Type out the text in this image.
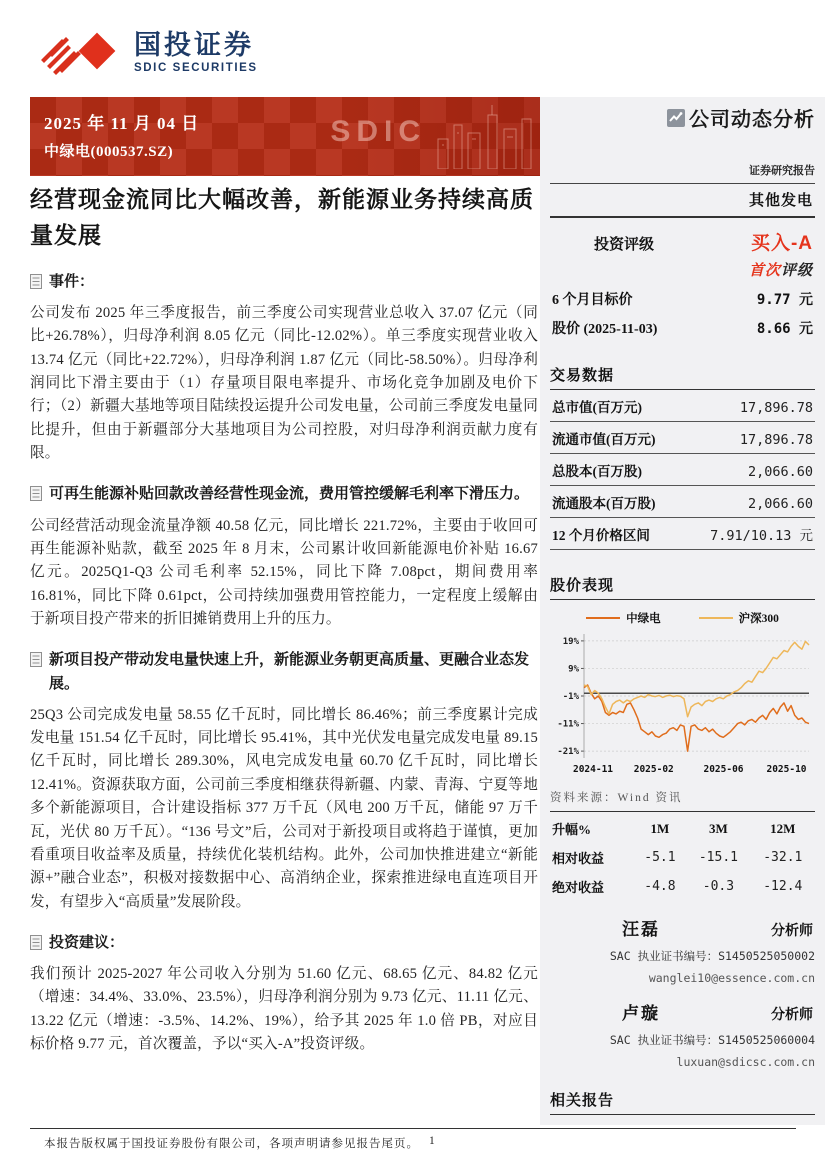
国投证券
SDIC SECURITIES
2025 年 11 月 04 日
中绿电(000537.SZ)
SDIC
经营现金流同比大幅改善，新能源业务持续高质量发展
事件：
公司发布 2025 年三季度报告，前三季度公司实现营业总收入 37.07 亿元（同比+26.78%），归母净利润 8.05 亿元（同比-12.02%）。单三季度实现营业收入 13.74 亿元（同比+22.72%），归母净利润 1.87 亿元（同比-58.50%）。归母净利润同比下滑主要由于（1）存量项目限电率提升、市场化竞争加剧及电价下行；（2）新疆大基地等项目陆续投运提升公司发电量，公司前三季度发电量同比提升，但由于新疆部分大基地项目为公司控股，对归母净利润贡献力度有限。
可再生能源补贴回款改善经营性现金流，费用管控缓解毛利率下滑压力。
公司经营活动现金流量净额 40.58 亿元，同比增长 221.72%，主要由于收回可再生能源补贴款，截至 2025 年 8 月末，公司累计收回新能源电价补贴 16.67 亿元。2025Q1-Q3 公司毛利率 52.15%，同比下降 7.08pct，期间费用率 16.81%，同比下降 0.61pct，公司持续加强费用管控能力，一定程度上缓解由于新项目投产带来的折旧摊销费用上升的压力。
新项目投产带动发电量快速上升，新能源业务朝更高质量、更融合业态发展。
25Q3 公司完成发电量 58.55 亿千瓦时，同比增长 86.46%；前三季度累计完成发电量 151.54 亿千瓦时，同比增长 95.41%，其中光伏发电量完成发电量 89.15 亿千瓦时，同比增长 289.30%，风电完成发电量 60.70 亿千瓦时，同比增长 12.41%。资源获取方面，公司前三季度相继获得新疆、内蒙、青海、宁夏等地多个新能源项目，合计建设指标 377 万千瓦（风电 200 万千瓦，储能 97 万千瓦，光伏 80 万千瓦）。“136 号文”后，公司对于新投项目或将趋于谨慎，更加看重项目收益率及质量，持续优化装机结构。此外，公司加快推进建立“新能源+”融合业态”，积极对接数据中心、高消纳企业，探索推进绿电直连项目开发，有望步入“高质量”发展阶段。
投资建议：
我们预计 2025-2027 年公司收入分别为 51.60 亿元、68.65 亿元、84.82 亿元（增速：34.4%、33.0%、23.5%），归母净利润分别为 9.73 亿元、11.11 亿元、13.22 亿元（增速：-3.5%、14.2%、19%），给予其 2025 年 1.0 倍 PB，对应目标价格 9.77 元，首次覆盖，予以“买入-A”投资评级。
公司动态分析
证券研究报告
其他发电
投资评级	买入-A
首次评级
6 个月目标价	9.77 元
股价 (2025-11-03)	8.66 元
交易数据
总市值(百万元)	17,896.78
流通市值(百万元)	17,896.78
总股本(百万股)	2,066.60
流通股本(百万股)	2,066.60
12 个月价格区间	7.91/10.13 元
股价表现
中绿电	沪深300
19%
9%
-1%
-11%
-21%
2024-11 2025-02	2025-06 2025-10
资料来源：Wind 资讯
升幅%	1M	3M	12M
相对收益	-5.1	-15.1	-32.1
绝对收益	-4.8	-0.3	-12.4
汪磊	分析师
SAC 执业证书编号：S1450525050002
wanglei10@essence.com.cn
卢璇	分析师
SAC 执业证书编号：S1450525060004
luxuan@sdicsc.com.cn
相关报告
本报告版权属于国投证券股份有限公司，各项声明请参见报告尾页。 1
